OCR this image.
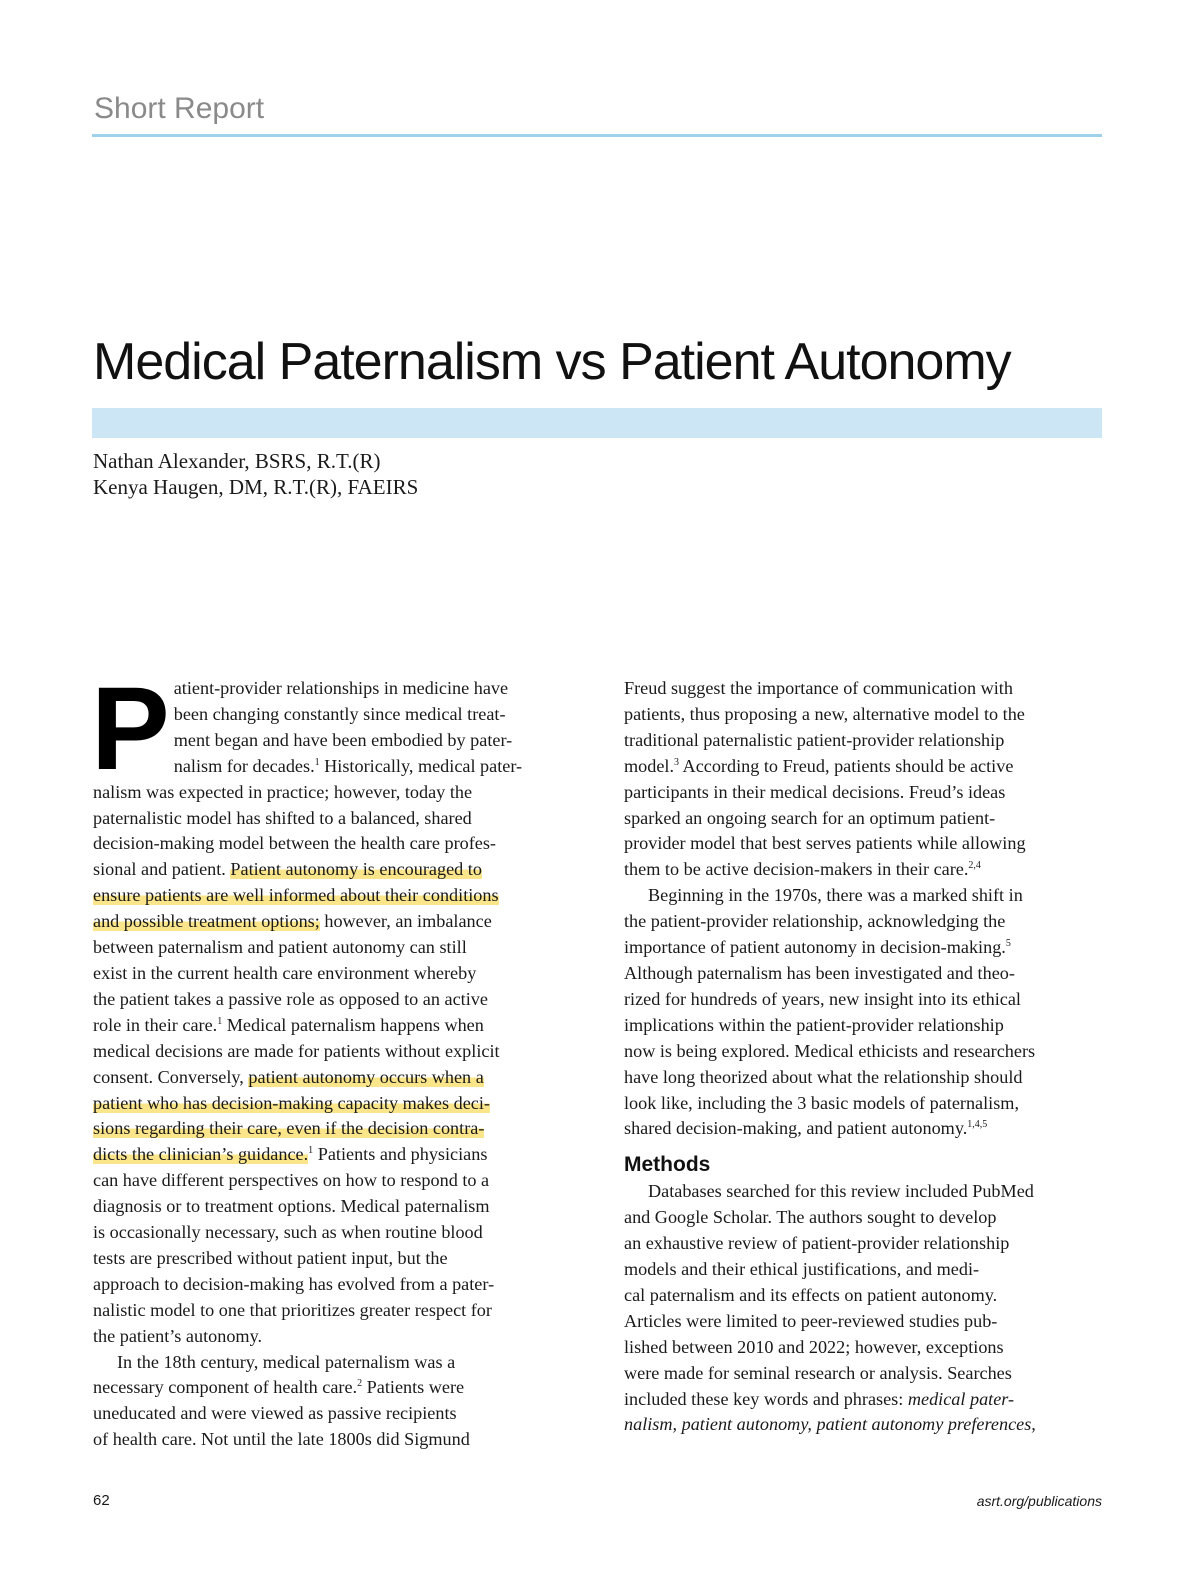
Short Report
Medical Paternalism vs Patient Autonomy
Nathan Alexander, BSRS, R.T.(R)
Kenya Haugen, DM, R.T.(R), FAEIRS
P atient-provider relationships in medicine have
been changing constantly since medical treat-
ment began and have been embodied by pater-
nalism for decades.$^1$ Historically, medical pater-
nalism was expected in practice; however, today the
paternalistic model has shifted to a balanced, shared
decision-making model between the health care profes-
sional and patient. Patient autonomy is encouraged to
ensure patients are well informed about their conditions
and possible treatment options; however, an imbalance
between paternalism and patient autonomy can still
exist in the current health care environment whereby
the patient takes a passive role as opposed to an active
role in their care.$^1$ Medical paternalism happens when
medical decisions are made for patients without explicit
consent. Conversely, patient autonomy occurs when a
patient who has decision-making capacity makes deci-
sions regarding their care, even if the decision contra-
dicts the clinician’s guidance.$^1$ Patients and physicians
can have different perspectives on how to respond to a
diagnosis or to treatment options. Medical paternalism
is occasionally necessary, such as when routine blood
tests are prescribed without patient input, but the
approach to decision-making has evolved from a pater-
nalistic model to one that prioritizes greater respect for
the patient’s autonomy.
In the 18th century, medical paternalism was a
necessary component of health care.$^2$ Patients were
uneducated and were viewed as passive recipients
of health care. Not until the late 1800s did Sigmund
Freud suggest the importance of communication with
patients, thus proposing a new, alternative model to the
traditional paternalistic patient-provider relationship
model.$^3$ According to Freud, patients should be active
participants in their medical decisions. Freud’s ideas
sparked an ongoing search for an optimum patient-
provider model that best serves patients while allowing
them to be active decision-makers in their care.$^{2,4}$
Beginning in the 1970s, there was a marked shift in
the patient-provider relationship, acknowledging the
importance of patient autonomy in decision-making.$^5$
Although paternalism has been investigated and theo-
rized for hundreds of years, new insight into its ethical
implications within the patient-provider relationship
now is being explored. Medical ethicists and researchers
have long theorized about what the relationship should
look like, including the 3 basic models of paternalism,
shared decision-making, and patient autonomy.$^{1,4,5}$
Methods
Databases searched for this review included PubMed
and Google Scholar. The authors sought to develop
an exhaustive review of patient-provider relationship
models and their ethical justifications, and medi-
cal paternalism and its effects on patient autonomy.
Articles were limited to peer-reviewed studies pub-
lished between 2010 and 2022; however, exceptions
were made for seminal research or analysis. Searches
included these key words and phrases: medical pater-
nalism, patient autonomy, patient autonomy preferences,
62	asrt.org/publications
